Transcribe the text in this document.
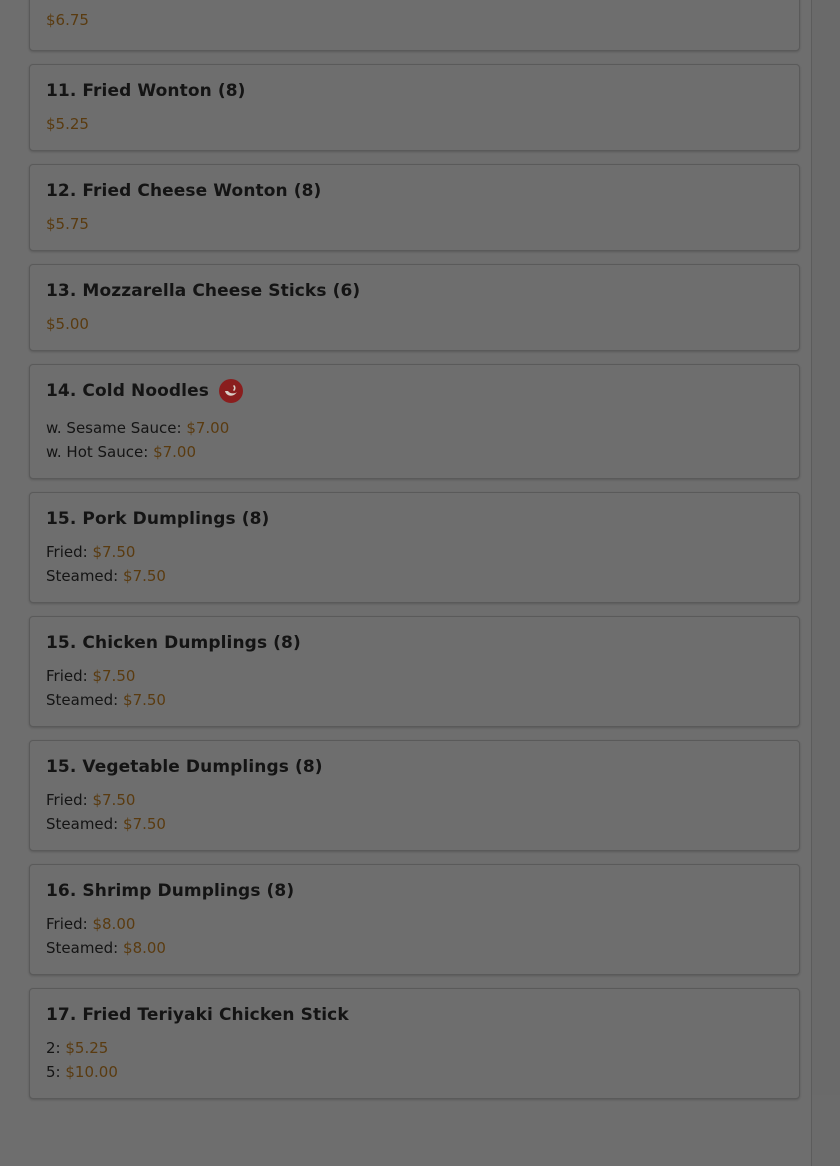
$6.75
11. Fried Wonton (8)
$5.25
12. Fried Cheese Wonton (8)
$5.75
13. Mozzarella Cheese Sticks (6)
$5.00
14. Cold Noodles
w. Sesame Sauce: $7.00
w. Hot Sauce: $7.00
15. Pork Dumplings (8)
Fried: $7.50
Steamed: $7.50
15. Chicken Dumplings (8)
Fried: $7.50
Steamed: $7.50
15. Vegetable Dumplings (8)
Fried: $7.50
Steamed: $7.50
16. Shrimp Dumplings (8)
Fried: $8.00
Steamed: $8.00
17. Fried Teriyaki Chicken Stick
2: $5.25
5: $10.00
